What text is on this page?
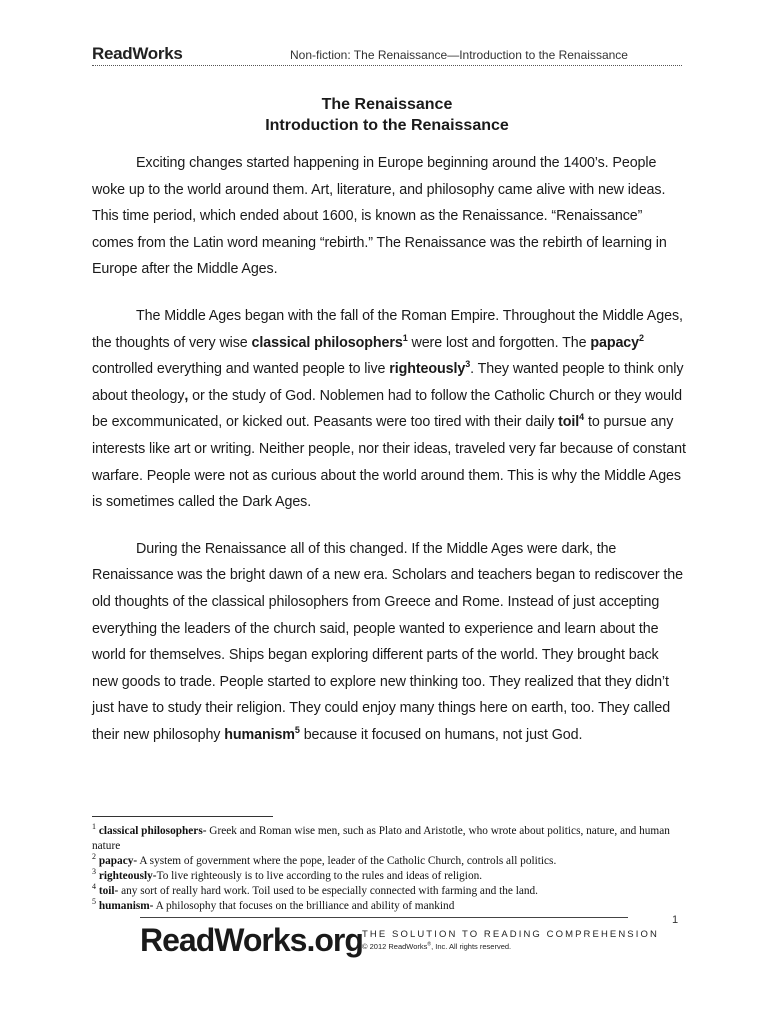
ReadWorks	Non-fiction: The Renaissance—Introduction to the Renaissance

The Renaissance

Introduction to the Renaissance

Exciting changes started happening in Europe beginning around the 1400’s. People woke up to the world around them. Art, literature, and philosophy came alive with new ideas. This time period, which ended about 1600, is known as the Renaissance. “Renaissance” comes from the Latin word meaning “rebirth.” The Renaissance was the rebirth of learning in Europe after the Middle Ages.

The Middle Ages began with the fall of the Roman Empire. Throughout the Middle Ages, the thoughts of very wise classical philosophers$^1$ were lost and forgotten. The papacy$^2$ controlled everything and wanted people to live righteously$^3$. They wanted people to think only about theology, or the study of God. Noblemen had to follow the Catholic Church or they would be excommunicated, or kicked out. Peasants were too tired with their daily toil$^4$ to pursue any interests like art or writing. Neither people, nor their ideas, traveled very far because of constant warfare. People were not as curious about the world around them. This is why the Middle Ages is sometimes called the Dark Ages.

During the Renaissance all of this changed. If the Middle Ages were dark, the Renaissance was the bright dawn of a new era. Scholars and teachers began to rediscover the old thoughts of the classical philosophers from Greece and Rome. Instead of just accepting everything the leaders of the church said, people wanted to experience and learn about the world for themselves. Ships began exploring different parts of the world. They brought back new goods to trade. People started to explore new thinking too. They realized that they didn’t just have to study their religion. They could enjoy many things here on earth, too. They called their new philosophy humanism$^5$ because it focused on humans, not just God.

$^1$ classical philosophers- Greek and Roman wise men, such as Plato and Aristotle, who wrote about politics, nature, and human nature

$^2$ papacy- A system of government where the pope, leader of the Catholic Church, controls all politics.

$^3$ righteously-To live righteously is to live according to the rules and ideas of religion.

$^4$ toil- any sort of really hard work. Toil used to be especially connected with farming and the land.

$^5$ humanism- A philosophy that focuses on the brilliance and ability of mankind

1
ReadWorks.org THE SOLUTION TO READING COMPREHENSION
© 2012 ReadWorks®, Inc. All rights reserved.
